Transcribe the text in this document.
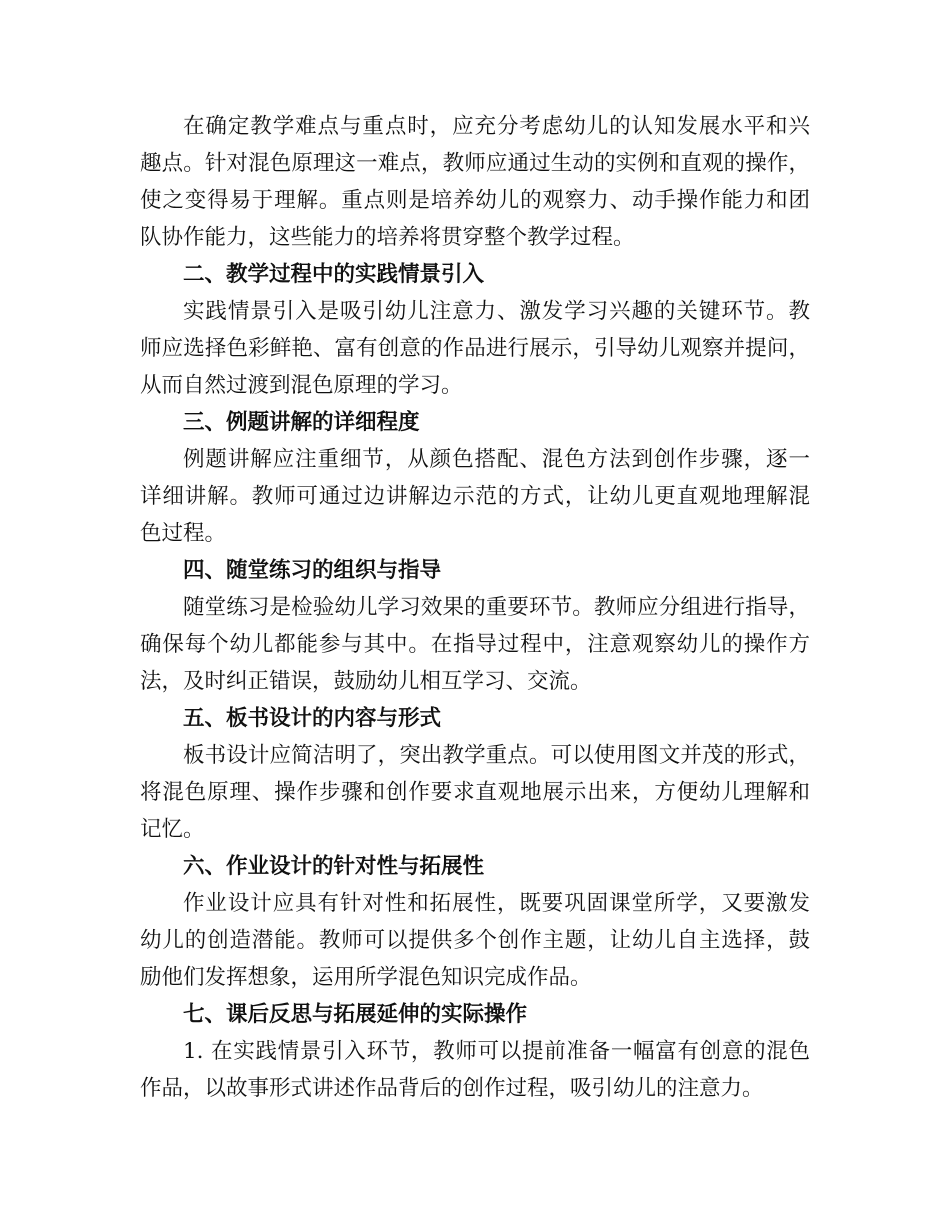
在确定教学难点与重点时，应充分考虑幼儿的认知发展水平和兴
趣点。针对混色原理这一难点，教师应通过生动的实例和直观的操作，
使之变得易于理解。重点则是培养幼儿的观察力、动手操作能力和团
队协作能力，这些能力的培养将贯穿整个教学过程。
二、教学过程中的实践情景引入
实践情景引入是吸引幼儿注意力、激发学习兴趣的关键环节。教
师应选择色彩鲜艳、富有创意的作品进行展示，引导幼儿观察并提问，
从而自然过渡到混色原理的学习。
三、例题讲解的详细程度
例题讲解应注重细节，从颜色搭配、混色方法到创作步骤，逐一
详细讲解。教师可通过边讲解边示范的方式，让幼儿更直观地理解混
色过程。
四、随堂练习的组织与指导
随堂练习是检验幼儿学习效果的重要环节。教师应分组进行指导，
确保每个幼儿都能参与其中。在指导过程中，注意观察幼儿的操作方
法，及时纠正错误，鼓励幼儿相互学习、交流。
五、板书设计的内容与形式
板书设计应简洁明了，突出教学重点。可以使用图文并茂的形式，
将混色原理、操作步骤和创作要求直观地展示出来，方便幼儿理解和
记忆。
六、作业设计的针对性与拓展性
作业设计应具有针对性和拓展性，既要巩固课堂所学，又要激发
幼儿的创造潜能。教师可以提供多个创作主题，让幼儿自主选择，鼓
励他们发挥想象，运用所学混色知识完成作品。
七、课后反思与拓展延伸的实际操作
1. 在实践情景引入环节，教师可以提前准备一幅富有创意的混色
作品，以故事形式讲述作品背后的创作过程，吸引幼儿的注意力。
